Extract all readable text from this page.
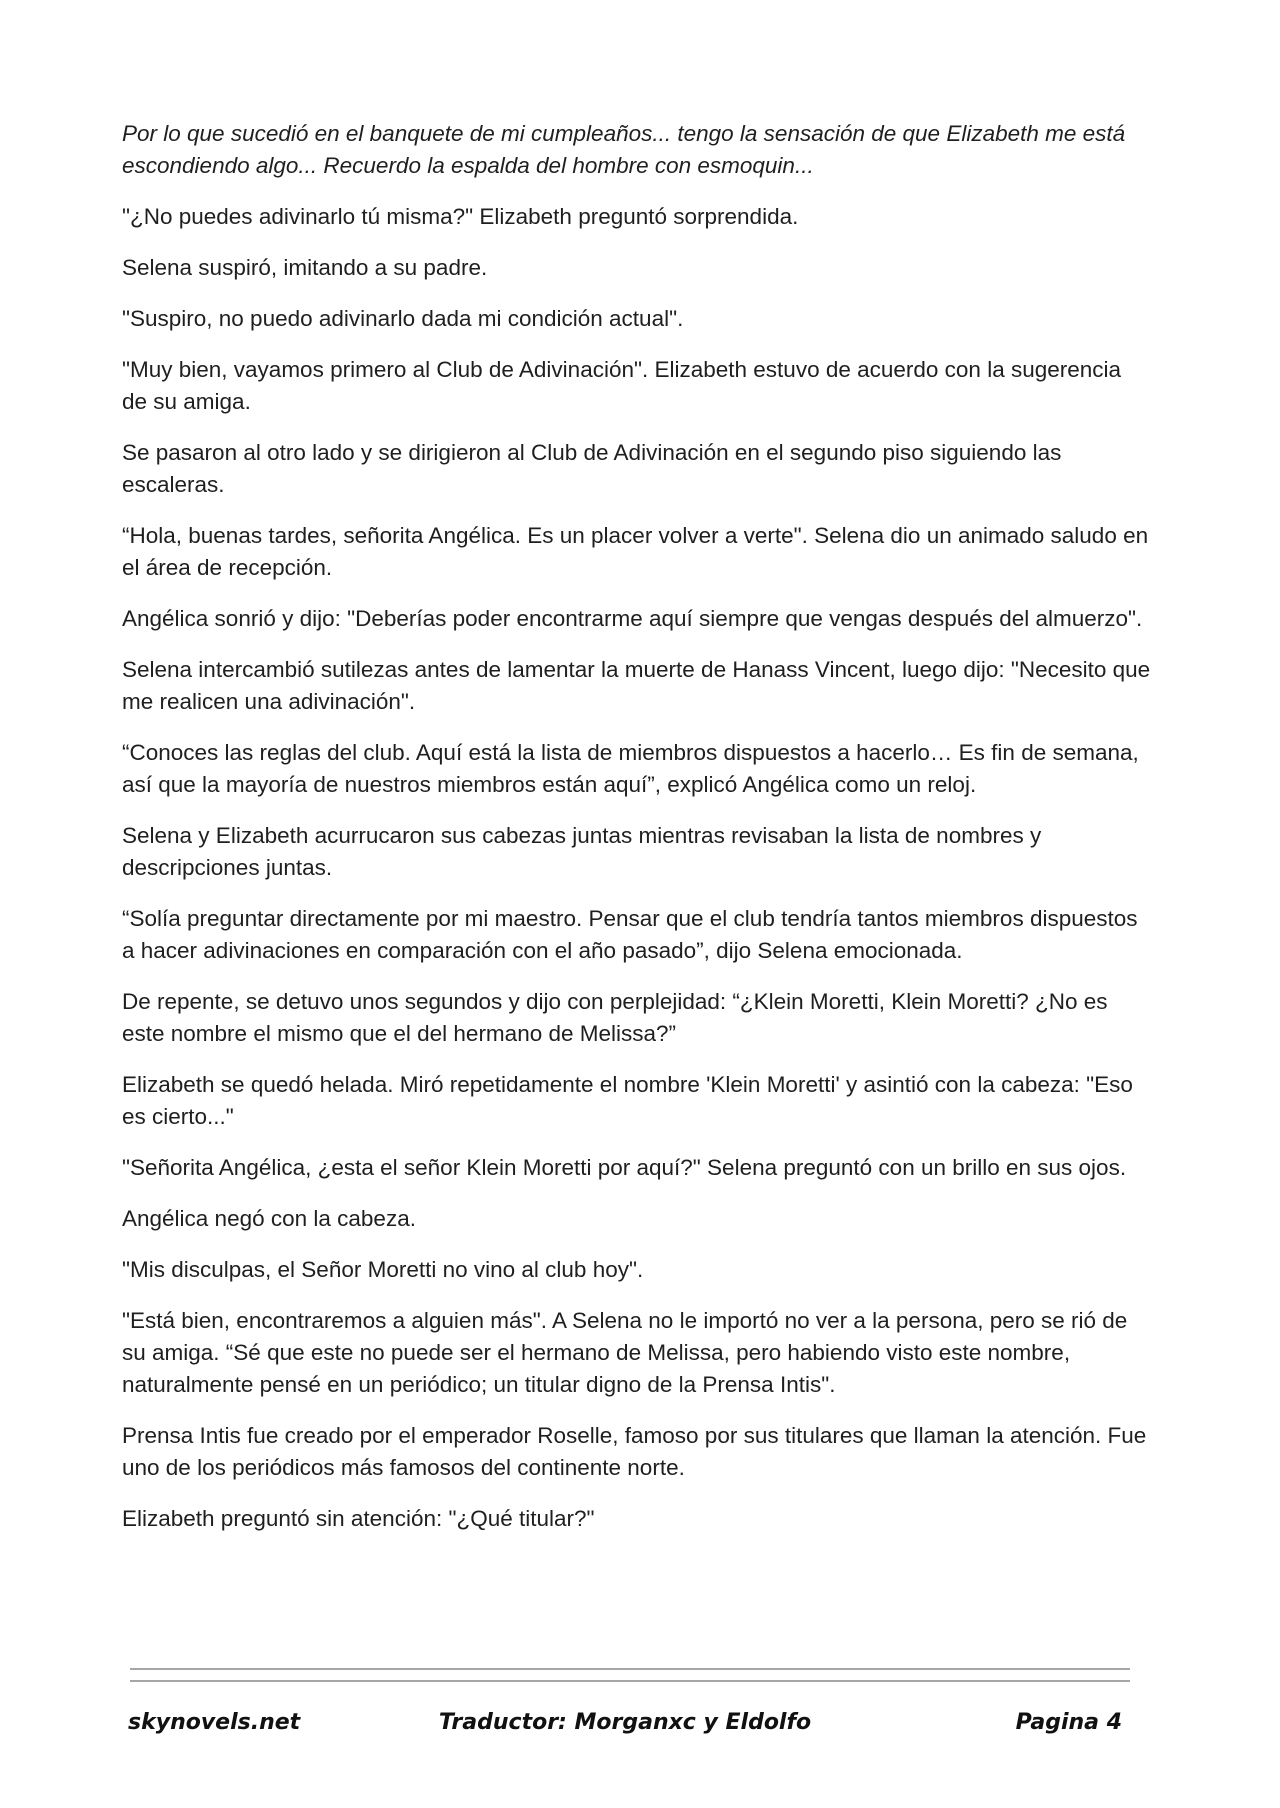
Por lo que sucedió en el banquete de mi cumpleaños... tengo la sensación de que Elizabeth me está escondiendo algo... Recuerdo la espalda del hombre con esmoquin...

"¿No puedes adivinarlo tú misma?" Elizabeth preguntó sorprendida.

Selena suspiró, imitando a su padre.

"Suspiro, no puedo adivinarlo dada mi condición actual".

"Muy bien, vayamos primero al Club de Adivinación". Elizabeth estuvo de acuerdo con la sugerencia de su amiga.

Se pasaron al otro lado y se dirigieron al Club de Adivinación en el segundo piso siguiendo las escaleras.

“Hola, buenas tardes, señorita Angélica. Es un placer volver a verte". Selena dio un animado saludo en el área de recepción.

Angélica sonrió y dijo: "Deberías poder encontrarme aquí siempre que vengas después del almuerzo".

Selena intercambió sutilezas antes de lamentar la muerte de Hanass Vincent, luego dijo: "Necesito que me realicen una adivinación".

“Conoces las reglas del club. Aquí está la lista de miembros dispuestos a hacerlo… Es fin de semana, así que la mayoría de nuestros miembros están aquí”, explicó Angélica como un reloj.

Selena y Elizabeth acurrucaron sus cabezas juntas mientras revisaban la lista de nombres y descripciones juntas.

“Solía preguntar directamente por mi maestro. Pensar que el club tendría tantos miembros dispuestos a hacer adivinaciones en comparación con el año pasado”, dijo Selena emocionada.

De repente, se detuvo unos segundos y dijo con perplejidad: “¿Klein Moretti, Klein Moretti? ¿No es este nombre el mismo que el del hermano de Melissa?”

Elizabeth se quedó helada. Miró repetidamente el nombre 'Klein Moretti' y asintió con la cabeza: "Eso es cierto..."

"Señorita Angélica, ¿esta el señor Klein Moretti por aquí?" Selena preguntó con un brillo en sus ojos.

Angélica negó con la cabeza.

"Mis disculpas, el Señor Moretti no vino al club hoy".

"Está bien, encontraremos a alguien más". A Selena no le importó no ver a la persona, pero se rió de su amiga. “Sé que este no puede ser el hermano de Melissa, pero habiendo visto este nombre, naturalmente pensé en un periódico; un titular digno de la Prensa Intis".

Prensa Intis fue creado por el emperador Roselle, famoso por sus titulares que llaman la atención. Fue uno de los periódicos más famosos del continente norte.

Elizabeth preguntó sin atención: "¿Qué titular?"

skynovels.net	Traductor: Morganxc y Eldolfo	Pagina 4
